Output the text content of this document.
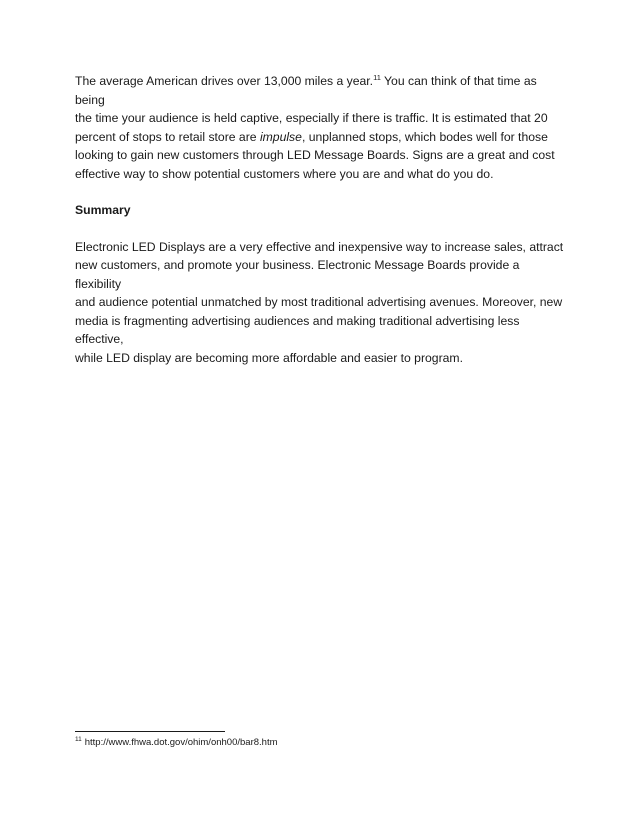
The average American drives over 13,000 miles a year.$^{11}$ You can think of that time as being
the time your audience is held captive, especially if there is traffic. It is estimated that 20
percent of stops to retail store are impulse, unplanned stops, which bodes well for those
looking to gain new customers through LED Message Boards. Signs are a great and cost
effective way to show potential customers where you are and what do you do.

Summary

Electronic LED Displays are a very effective and inexpensive way to increase sales, attract
new customers, and promote your business. Electronic Message Boards provide a flexibility
and audience potential unmatched by most traditional advertising avenues. Moreover, new
media is fragmenting advertising audiences and making traditional advertising less effective,
while LED display are becoming more affordable and easier to program.

$^{11}$ http://www.fhwa.dot.gov/ohim/onh00/bar8.htm
